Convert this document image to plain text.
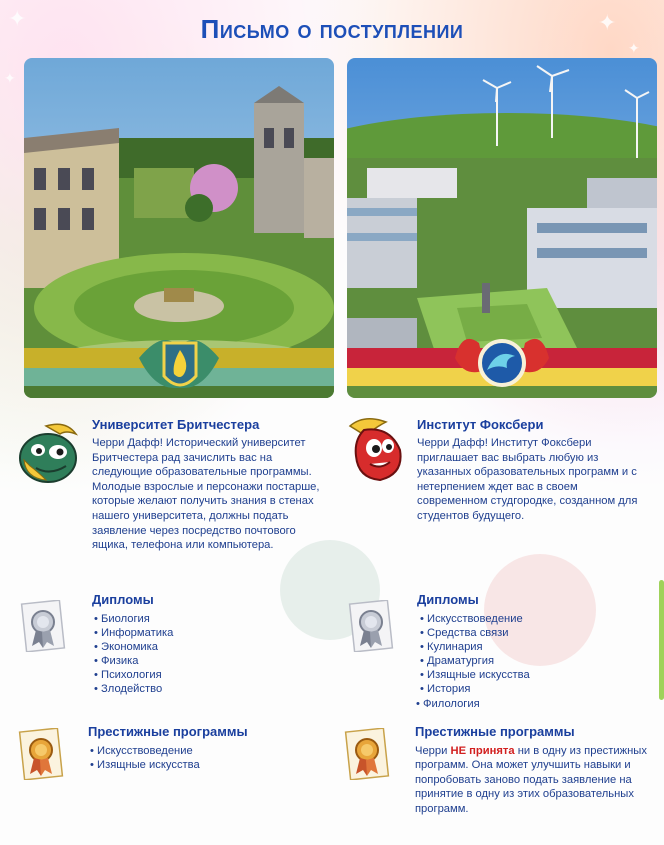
✦	✦
✦
✦
Письмо о поступлении
Университет Бритчестера
Черри Дафф! Исторический университет Бритчестера рад зачислить вас на следующие образовательные программы. Молодые взрослые и персонажи постарше, которые желают получить знания в стенах нашего университета, должны подать заявление через посредство почтового ящика, телефона или компьютера.
Институт Фоксбери
Черри Дафф! Институт Фоксбери приглашает вас выбрать любую из указанных образовательных программ и с нетерпением ждет вас в своем современном студгородке, созданном для студентов будущего.
Дипломы
• Биология
• Информатика
• Экономика
• Физика
• Психология
• Злодейство
Дипломы
• Искусствоведение
• Средства связи
• Кулинария
• Драматургия
• Изящные искусства
• История
• Филология
Престижные программы
• Искусствоведение
• Изящные искусства
Престижные программы
Черри НЕ принята ни в одну из престижных программ. Она может улучшить навыки и попробовать заново подать заявление на принятие в одну из этих образовательных программ.
